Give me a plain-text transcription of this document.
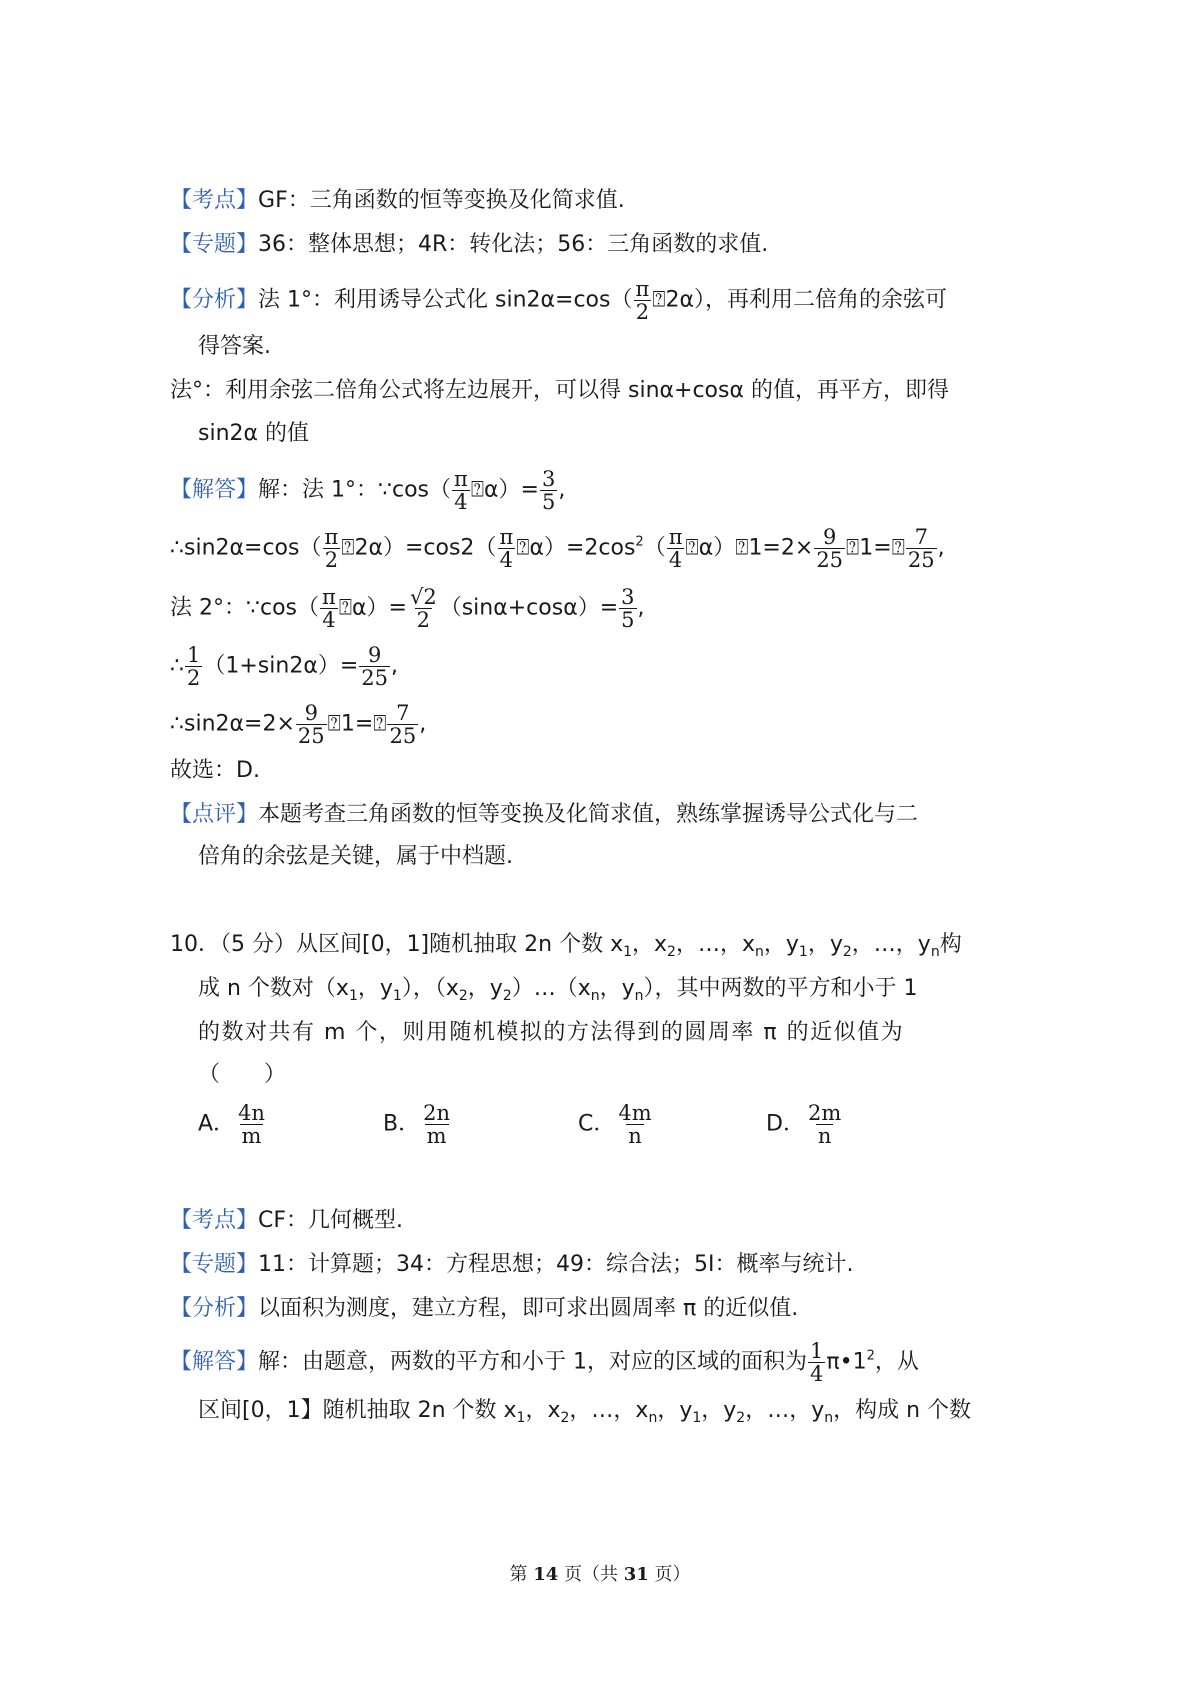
【考点】GF：三角函数的恒等变换及化简求值.
【专题】36：整体思想；4R：转化法；56：三角函数的求值.
【分析】法 1°：利用诱导公式化 $\sin 2\alpha=\cos( \frac{\pi}{2}$ ⍰2α），再利用二倍角的余弦可
得答案.
法°：利用余弦二倍角公式将左边展开，可以得 sinα+cosα 的值，再平方，即得
sin2α 的值
【解答】解：法 1°：∵cos（ $\frac{\pi}{4}$ ⍰α）= $\frac{3}{5}$ ,
∴sin2α=cos（ $\frac{\pi}{2}$ ⍰2α）=cos2（ $\frac{\pi}{4}$ $⍰\alpha)=2\cos^2( \frac{\pi}{4}$ ⍰α）⍰1=2× $\frac{9}{25}$ ⍰1=⍰ $\frac{7}{25}$ ,
法 2°：∵cos（ $\frac{\pi}{4}$ ⍰α）= $\frac{√2}{2} (\sin\alpha+\cos\alpha)= \frac{3}{5}$ ,
∴ $\frac{1}{2} (1+\sin 2\alpha)= \frac{9}{25}$ ,
∴sin2α=2× $\frac{9}{25}$ ⍰1=⍰ $\frac{7}{25}$ ,
故选：D.
【点评】本题考查三角函数的恒等变换及化简求值，熟练掌握诱导公式化与二
倍角的余弦是关键，属于中档题.
10．（5 分）从区间[0，1]随机抽取 2n 个数 $x_1$，$x_2$，…，$x_n$，$y_1$，$y_2$，…，$y_n$构
成 n 个数对（$x_1$，$y_1$），（$x_2$，$y_2)\dots(x_n$，$y_n$），其中两数的平方和小于 1
的数对共有 m 个，则用随机模拟的方法得到的圆周率 π 的近似值为
（　　）
A． $\frac{4n}{m}$	B． $\frac{2n}{m}$	C． $\frac{4m}{n}$	D． $\frac{2m}{n}$
【考点】CF：几何概型.
【专题】11：计算题；34：方程思想；49：综合法；5I：概率与统计.
【分析】以面积为测度，建立方程，即可求出圆周率 π 的近似值.
【解答】解：由题意，两数的平方和小于 1，对应的区域的面积为 $\frac{1}{4}$ $\pi•1^2$，从
区间[0，1】随机抽取 2n 个数 $x_1$，$x_2$，…，$x_n$，$y_1$，$y_2$，…，$y_n$，构成 n 个数
第 14 页（共 31 页）
